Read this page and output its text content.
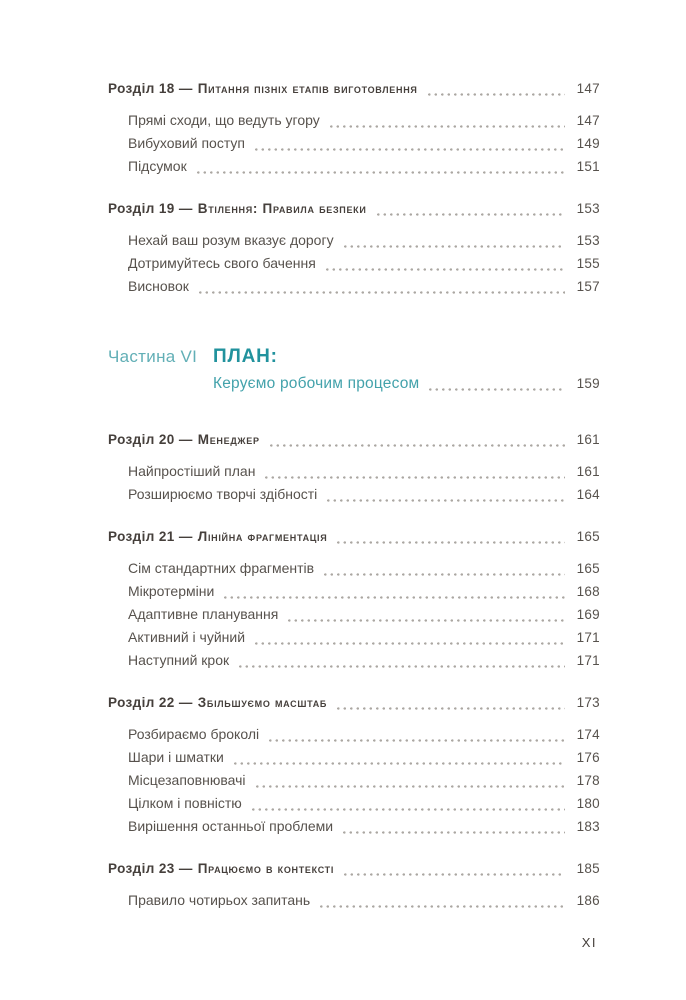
Розділ 18 — Питання пізніх етапів виготовлення	147
Прямі сходи, що ведуть угору	147
Вибуховий поступ	149
Підсумок	151
Розділ 19 — Втілення: Правила безпеки	153
Нехай ваш розум вказує дорогу	153
Дотримуйтесь свого бачення	155
Висновок	157
Частина VI ПЛАН:
Керуємо робочим процесом	159
Розділ 20 — Менеджер	161
Найпростіший план	161
Розширюємо творчі здібності	164
Розділ 21 — Лінійна фрагментація	165
Сім стандартних фрагментів	165
Мікротерміни	168
Адаптивне планування	169
Активний і чуйний	171
Наступний крок	171
Розділ 22 — Збільшуємо масштаб	173
Розбираємо броколі	174
Шари і шматки	176
Місцезаповнювачі	178
Цілком і повністю	180
Вирішення останньої проблеми	183
Розділ 23 — Працюємо в контексті	185
Правило чотирьох запитань	186
XI
